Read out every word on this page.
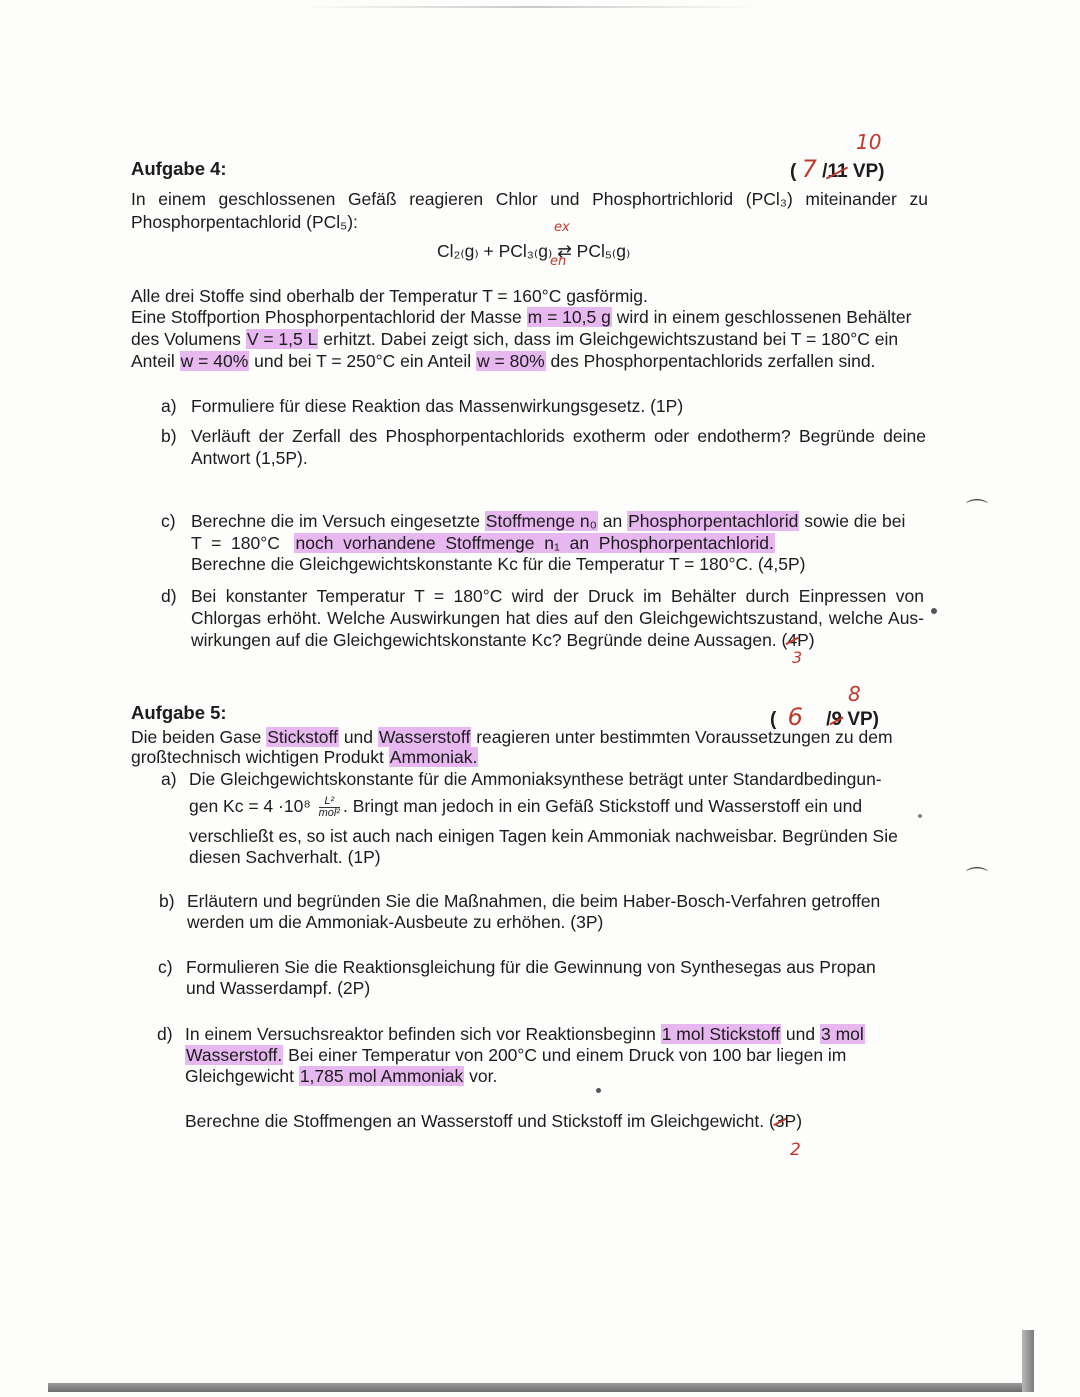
⌒
⌒
10
Aufgabe 4:	( 7 /11 VP)
In einem geschlossenen Gefäß reagieren Chlor und Phosphortrichlorid (PCl₃) miteinander zu
Phosphorpentachlorid (PCl₅):	ex
Cl₂₍g₎ + PCl₃₍g₎ ⇄ PCl₅₍g₎
en
Alle drei Stoffe sind oberhalb der Temperatur T = 160°C gasförmig.
Eine Stoffportion Phosphorpentachlorid der Masse m = 10,5 g wird in einem geschlossenen Behälter
des Volumens V = 1,5 L erhitzt. Dabei zeigt sich, dass im Gleichgewichtszustand bei T = 180°C ein
Anteil w = 40% und bei T = 250°C ein Anteil w = 80% des Phosphorpentachlorids zerfallen sind.
a) Formuliere für diese Reaktion das Massenwirkungsgesetz. (1P)
b) Verläuft der Zerfall des Phosphorpentachlorids exotherm oder endotherm? Begründe deine
Antwort (1,5P).
c) Berechne die im Versuch eingesetzte Stoffmenge n₀ an Phosphorpentachlorid sowie die bei
T  =  180°C noch  vorhandene  Stoffmenge  n₁  an  Phosphorpentachlorid.
Berechne die Gleichgewichtskonstante Kc für die Temperatur T = 180°C. (4,5P)
d) Bei konstanter Temperatur T = 180°C wird der Druck im Behälter durch Einpressen von
Chlorgas erhöht. Welche Auswirkungen hat dies auf den Gleichgewichtszustand, welche Aus-
wirkungen auf die Gleichgewichtskonstante Kc? Begründe deine Aussagen. (4P)
3
8
Aufgabe 5:	( 6 /9 VP)
Die beiden Gase Stickstoff und Wasserstoff reagieren unter bestimmten Voraussetzungen zu dem
großtechnisch wichtigen Produkt Ammoniak.
a) Die Gleichgewichtskonstante für die Ammoniaksynthese beträgt unter Standardbedingun-
gen $Kc = 4 \cdot 10^8 \frac{\text{L²}}{\text{mol²}}$ . Bringt man jedoch in ein Gefäß Stickstoff und Wasserstoff ein und
verschließt es, so ist auch nach einigen Tagen kein Ammoniak nachweisbar. Begründen Sie
diesen Sachverhalt. (1P)
b) Erläutern und begründen Sie die Maßnahmen, die beim Haber-Bosch-Verfahren getroffen
werden um die Ammoniak-Ausbeute zu erhöhen. (3P)
c) Formulieren Sie die Reaktionsgleichung für die Gewinnung von Synthesegas aus Propan
und Wasserdampf. (2P)
d) In einem Versuchsreaktor befinden sich vor Reaktionsbeginn 1 mol Stickstoff und 3 mol
Wasserstoff. Bei einer Temperatur von 200°C und einem Druck von 100 bar liegen im
Gleichgewicht 1,785 mol Ammoniak vor.
Berechne die Stoffmengen an Wasserstoff und Stickstoff im Gleichgewicht. (3P)
2
